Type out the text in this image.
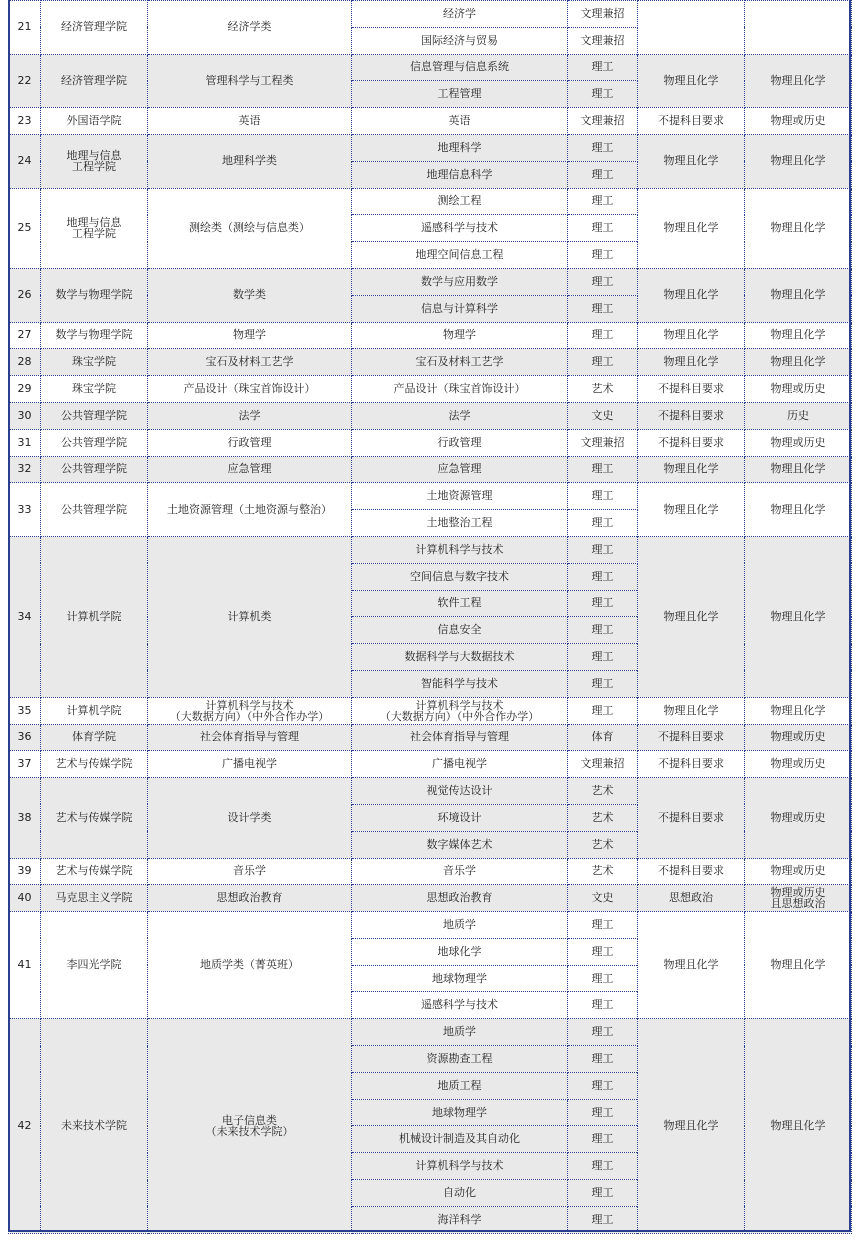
21	经济管理学院	经济学类	经济学	文理兼招		
			国际经济与贸易	文理兼招		
22	经济管理学院	管理科学与工程类	信息管理与信息系统	理工	物理且化学	物理且化学
			工程管理	理工		
23	外国语学院	英语	英语	文理兼招	不提科目要求	物理或历史
24	地理与信息
工程学院	地理科学类	地理科学	理工	物理且化学	物理且化学
			地理信息科学	理工		
25	地理与信息
工程学院	测绘类（测绘与信息类）	测绘工程	理工	物理且化学	物理且化学
			遥感科学与技术	理工		
			地理空间信息工程	理工		
26	数学与物理学院	数学类	数学与应用数学	理工	物理且化学	物理且化学
			信息与计算科学	理工		
27	数学与物理学院	物理学	物理学	理工	物理且化学	物理且化学
28	珠宝学院	宝石及材料工艺学	宝石及材料工艺学	理工	物理且化学	物理且化学
29	珠宝学院	产品设计（珠宝首饰设计）	产品设计（珠宝首饰设计）	艺术	不提科目要求	物理或历史
30	公共管理学院	法学	法学	文史	不提科目要求	历史
31	公共管理学院	行政管理	行政管理	文理兼招	不提科目要求	物理或历史
32	公共管理学院	应急管理	应急管理	理工	物理且化学	物理且化学
33	公共管理学院	土地资源管理（土地资源与整治）	土地资源管理	理工	物理且化学	物理且化学
			土地整治工程	理工		
34	计算机学院	计算机类	计算机科学与技术	理工	物理且化学	物理且化学
			空间信息与数字技术	理工		
			软件工程	理工		
			信息安全	理工		
			数据科学与大数据技术	理工		
			智能科学与技术	理工		
35	计算机学院	计算机科学与技术
（大数据方向）（中外合作办学）	计算机科学与技术
（大数据方向）（中外合作办学）	理工	物理且化学	物理且化学
36	体育学院	社会体育指导与管理	社会体育指导与管理	体育	不提科目要求	物理或历史
37	艺术与传媒学院	广播电视学	广播电视学	文理兼招	不提科目要求	物理或历史
38	艺术与传媒学院	设计学类	视觉传达设计	艺术	不提科目要求	物理或历史
			环境设计	艺术		
			数字媒体艺术	艺术		
39	艺术与传媒学院	音乐学	音乐学	艺术	不提科目要求	物理或历史
40	马克思主义学院	思想政治教育	思想政治教育	文史	思想政治	物理或历史
且思想政治
41	李四光学院	地质学类（菁英班）	地质学	理工	物理且化学	物理且化学
			地球化学	理工		
			地球物理学	理工		
			遥感科学与技术	理工		
42	未来技术学院	电子信息类
（未来技术学院）	地质学	理工	物理且化学	物理且化学
			资源勘查工程	理工		
			地质工程	理工		
			地球物理学	理工		
			机械设计制造及其自动化	理工		
			计算机科学与技术	理工		
			自动化	理工		
			海洋科学	理工		
